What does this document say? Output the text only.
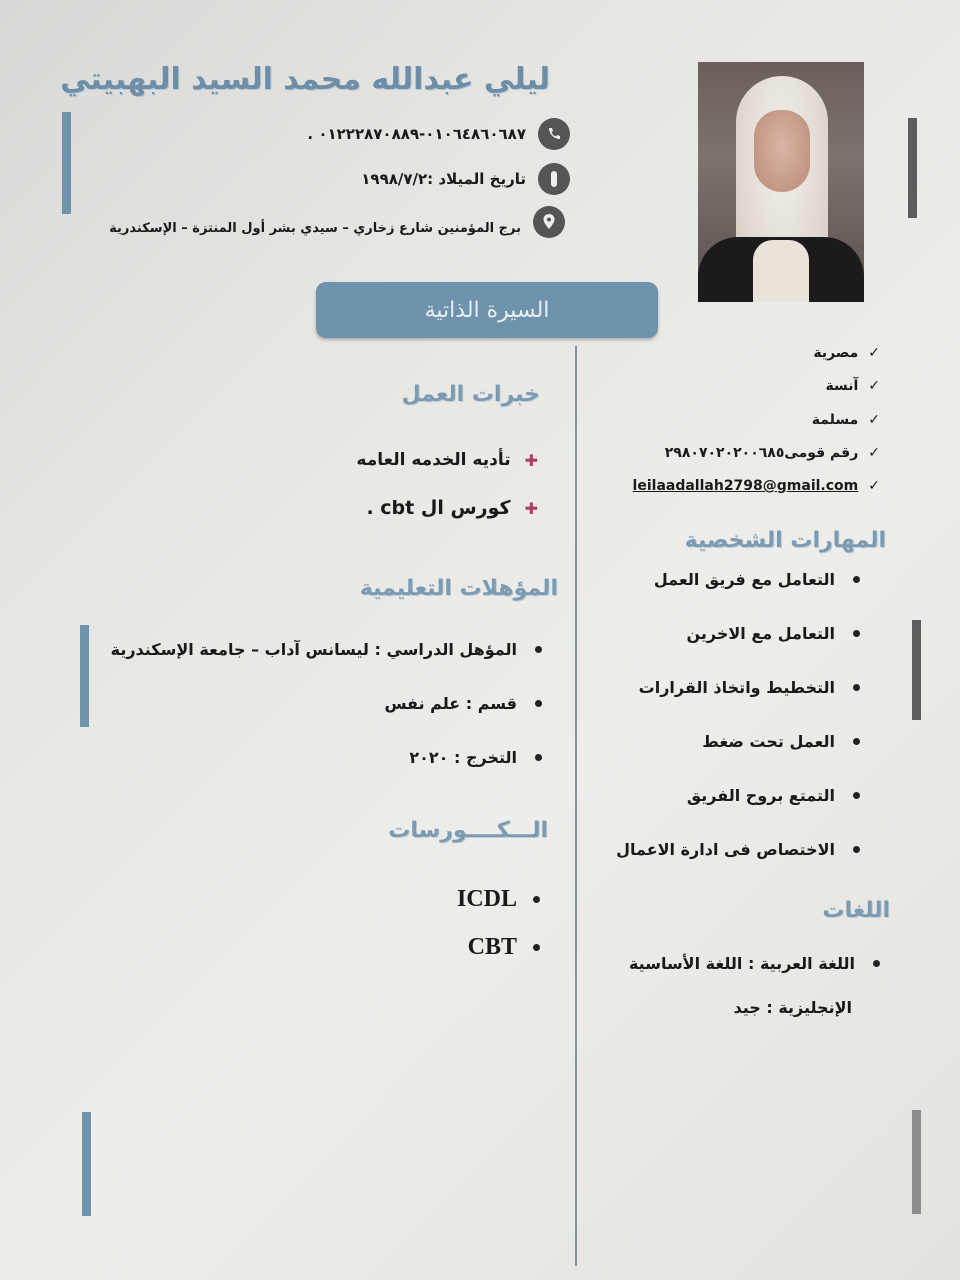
ليلي عبدالله محمد السيد البهبيتي
٠١٠٦٤٨٦٠٦٨٧-٠١٢٢٢٨٧٠٨٨٩ .
تاريخ الميلاد :١٩٩٨/٧/٢
برج المؤمنين شارع زخاري – سيدي بشر أول المنتزة – الإسكندرية
السيرة الذاتية
✓
مصرية
✓
آنسة
✓
مسلمة
✓
رقم قومى٢٩٨٠٧٠٢٠٢٠٠٦٨٥
✓
leilaadallah2798@gmail.com
المهارات الشخصية
التعامل مع فريق العمل
التعامل مع الاخرين
التخطيط واتخاذ القرارات
العمل تحت ضغط
التمتع بروح الفريق
الاختصاص فى ادارة الاعمال
اللغات
اللغة العربية : اللغة الأساسية
الإنجليزية : جيد
خبرات العمل
✚
تأديه الخدمه العامه
✚
كورس ال cbt .
المؤهلات التعليمية
المؤهل الدراسي : ليسانس آداب – جامعة الإسكندرية
قسم : علم نفس
التخرج : ٢٠٢٠
الـــكــــورسات
ICDL
CBT
